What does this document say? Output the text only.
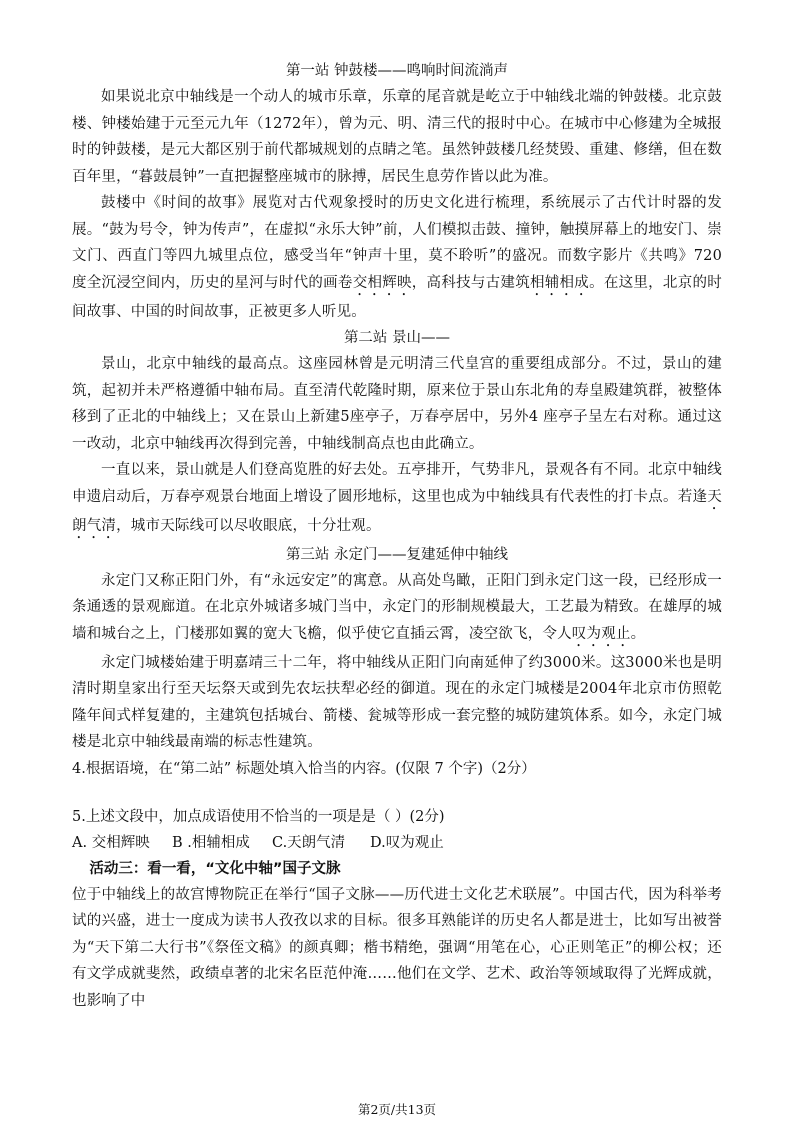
第一站 钟鼓楼——鸣响时间流淌声

如果说北京中轴线是一个动人的城市乐章，乐章的尾音就是屹立于中轴线北端的钟鼓楼。北京鼓楼、钟楼始建于元至元九年（1272年），曾为元、明、清三代的报时中心。在城市中心修建为全城报时的钟鼓楼，是元大都区别于前代都城规划的点睛之笔。虽然钟鼓楼几经焚毁、重建、修缮，但在数百年里，“暮鼓晨钟”一直把握整座城市的脉搏，居民生息劳作皆以此为准。

鼓楼中《时间的故事》展览对古代观象授时的历史文化进行梳理，系统展示了古代计时器的发展。“鼓为号令，钟为传声”，在虚拟“永乐大钟”前，人们模拟击鼓、撞钟，触摸屏幕上的地安门、崇文门、西直门等四九城里点位，感受当年“钟声十里，莫不聆听”的盛况。而数字影片《共鸣》720 度全沉浸空间内，历史的星河与时代的画卷交相辉映，高科技与古建筑相辅相成。在这里，北京的时间故事、中国的时间故事，正被更多人听见。

第二站 景山——

景山，北京中轴线的最高点。这座园林曾是元明清三代皇宫的重要组成部分。不过，景山的建筑，起初并未严格遵循中轴布局。直至清代乾隆时期，原来位于景山东北角的寿皇殿建筑群，被整体移到了正北的中轴线上；又在景山上新建5座亭子，万春亭居中，另外4 座亭子呈左右对称。通过这一改动，北京中轴线再次得到完善，中轴线制高点也由此确立。

一直以来，景山就是人们登高览胜的好去处。五亭排开，气势非凡，景观各有不同。北京中轴线申遗启动后，万春亭观景台地面上增设了圆形地标，这里也成为中轴线具有代表性的打卡点。若逢天朗气清，城市天际线可以尽收眼底，十分壮观。

第三站 永定门——复建延伸中轴线

永定门又称正阳门外，有“永远安定”的寓意。从高处鸟瞰，正阳门到永定门这一段，已经形成一条通透的景观廊道。在北京外城诸多城门当中，永定门的形制规模最大，工艺最为精致。在雄厚的城墙和城台之上，门楼那如翼的宽大飞檐，似乎使它直插云霄，凌空欲飞，令人叹为观止。

永定门城楼始建于明嘉靖三十二年，将中轴线从正阳门向南延伸了约3000米。这3000米也是明清时期皇家出行至天坛祭天或到先农坛扶犁必经的御道。现在的永定门城楼是2004年北京市仿照乾隆年间式样复建的，主建筑包括城台、箭楼、瓮城等形成一套完整的城防建筑体系。如今，永定门城楼是北京中轴线最南端的标志性建筑。

4.根据语境，在“第二站” 标题处填入恰当的内容。(仅限 7 个字)（2分）

5.上述文段中，加点成语使用不恰当的一项是是（ ）(2分)

A. 交相辉映	B .相辅相成	C.天朗气清	D.叹为观止

活动三：看一看，“文化中轴”国子文脉

位于中轴线上的故宫博物院正在举行“国子文脉——历代进士文化艺术联展”。中国古代，因为科举考试的兴盛，进士一度成为读书人孜孜以求的目标。很多耳熟能详的历史名人都是进士，比如写出被誉为“天下第二大行书”《祭侄文稿》的颜真卿；楷书精绝，强调“用笔在心，心正则笔正”的柳公权；还有文学成就斐然，政绩卓著的北宋名臣范仲淹……他们在文学、艺术、政治等领域取得了光辉成就，也影响了中

第2页/共13页
